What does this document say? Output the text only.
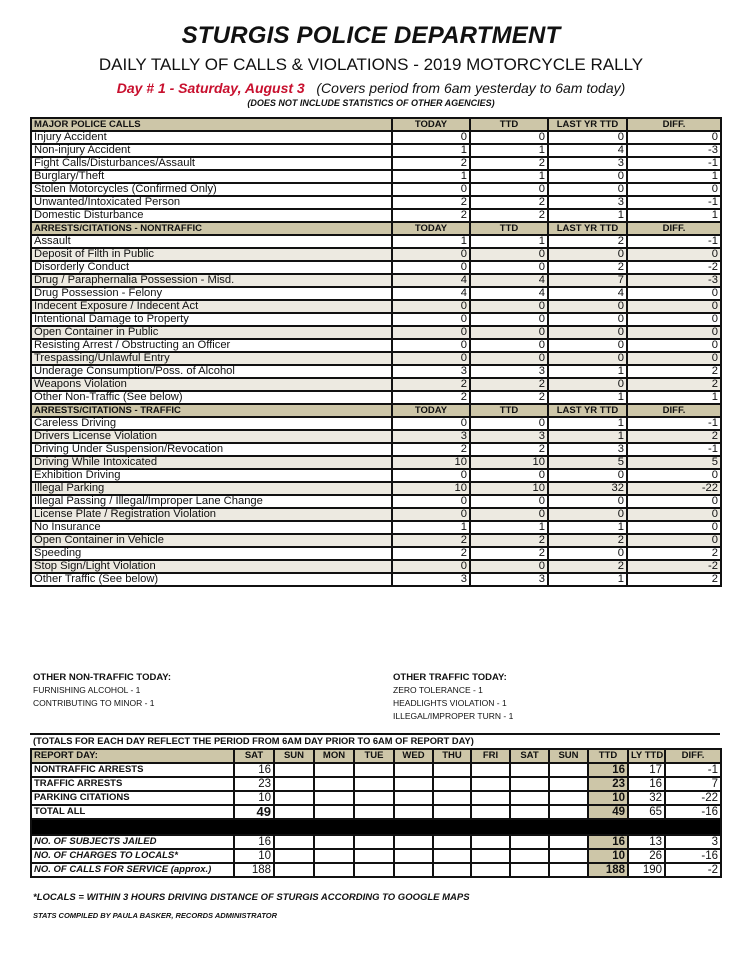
STURGIS POLICE DEPARTMENT
DAILY TALLY OF CALLS & VIOLATIONS - 2019 MOTORCYCLE RALLY
Day # 1 - Saturday, August 3 (Covers period from 6am yesterday to 6am today)
(DOES NOT INCLUDE STATISTICS OF OTHER AGENCIES)
MAJOR POLICE CALLS	TODAY	TTD	LAST YR TTD	DIFF.
Injury Accident	0	0	0	0
Non-injury Accident	1	1	4	-3
Fight Calls/Disturbances/Assault	2	2	3	-1
Burglary/Theft	1	1	0	1
Stolen Motorcycles (Confirmed Only)	0	0	0	0
Unwanted/Intoxicated Person	2	2	3	-1
Domestic Disturbance	2	2	1	1
ARRESTS/CITATIONS - NONTRAFFIC	TODAY	TTD	LAST YR TTD	DIFF.
Assault	1	1	2	-1
Deposit of Filth in Public	0	0	0	0
Disorderly Conduct	0	0	2	-2
Drug / Paraphernalia Possession - Misd.	4	4	7	-3
Drug Possession - Felony	4	4	4	0
Indecent Exposure / Indecent Act	0	0	0	0
Intentional Damage to Property	0	0	0	0
Open Container in Public	0	0	0	0
Resisting Arrest / Obstructing an Officer	0	0	0	0
Trespassing/Unlawful Entry	0	0	0	0
Underage Consumption/Poss. of Alcohol	3	3	1	2
Weapons Violation	2	2	0	2
Other Non-Traffic (See below)	2	2	1	1
ARRESTS/CITATIONS - TRAFFIC	TODAY	TTD	LAST YR TTD	DIFF.
Careless Driving	0	0	1	-1
Drivers License Violation	3	3	1	2
Driving Under Suspension/Revocation	2	2	3	-1
Driving While Intoxicated	10	10	5	5
Exhibition Driving	0	0	0	0
Illegal Parking	10	10	32	-22
Illegal Passing / Illegal/Improper Lane Change	0	0	0	0
License Plate / Registration Violation	0	0	0	0
No Insurance	1	1	1	0
Open Container in Vehicle	2	2	2	0
Speeding	2	2	0	2
Stop Sign/Light Violation	0	0	2	-2
Other Traffic (See below)	3	3	1	2
OTHER NON-TRAFFIC TODAY:
FURNISHING ALCOHOL - 1
CONTRIBUTING TO MINOR - 1
OTHER TRAFFIC TODAY:
ZERO TOLERANCE - 1
HEADLIGHTS VIOLATION - 1
ILLEGAL/IMPROPER TURN - 1
(TOTALS FOR EACH DAY REFLECT THE PERIOD FROM 6AM DAY PRIOR TO 6AM OF REPORT DAY)
REPORT DAY:	SAT	SUN	MON	TUE	WED	THU	FRI	SAT	SUN	TTD	LY TTD	DIFF.
NONTRAFFIC ARRESTS	16									16	17	-1
TRAFFIC ARRESTS	23									23	16	7
PARKING CITATIONS	10									10	32	-22
TOTAL ALL	49									49	65	-16

NO. OF SUBJECTS JAILED	16									16	13	3
NO. OF CHARGES TO LOCALS*	10									10	26	-16
NO. OF CALLS FOR SERVICE (approx.)	188									188	190	-2
*LOCALS = WITHIN 3 HOURS DRIVING DISTANCE OF STURGIS ACCORDING TO GOOGLE MAPS
STATS COMPILED BY PAULA BASKER, RECORDS ADMINISTRATOR
